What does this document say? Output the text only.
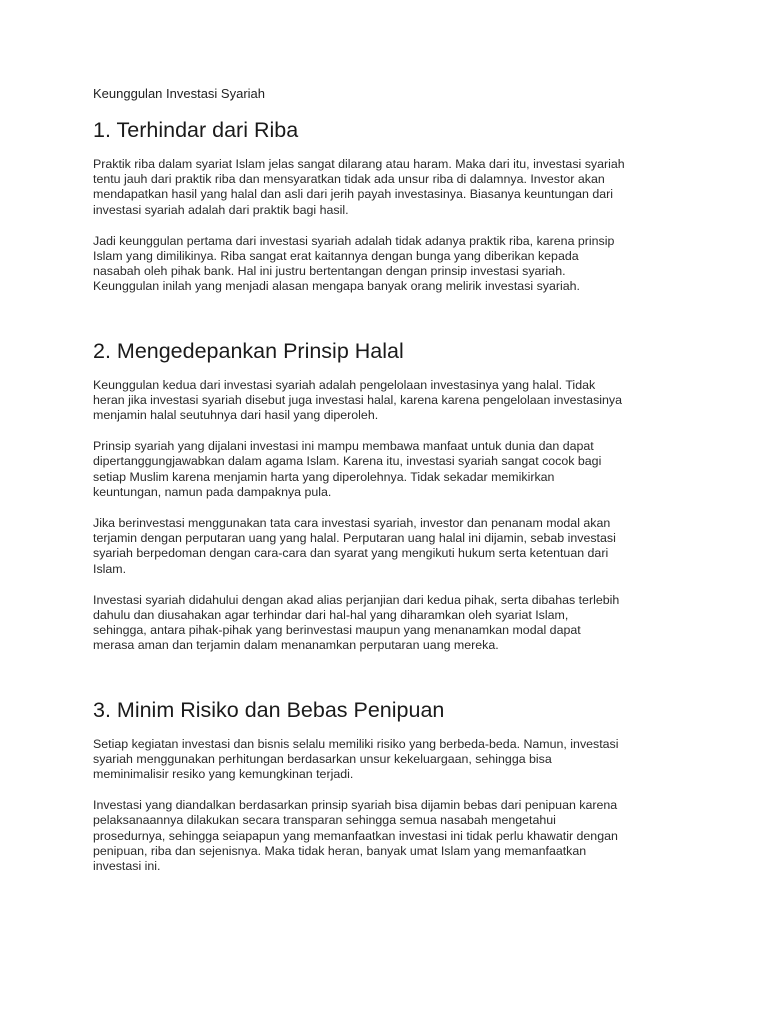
Keunggulan Investasi Syariah

1. Terhindar dari Riba

Praktik riba dalam syariat Islam jelas sangat dilarang atau haram. Maka dari itu, investasi syariah
tentu jauh dari praktik riba dan mensyaratkan tidak ada unsur riba di dalamnya. Investor akan
mendapatkan hasil yang halal dan asli dari jerih payah investasinya. Biasanya keuntungan dari
investasi syariah adalah dari praktik bagi hasil.

Jadi keunggulan pertama dari investasi syariah adalah tidak adanya praktik riba, karena prinsip
Islam yang dimilikinya. Riba sangat erat kaitannya dengan bunga yang diberikan kepada
nasabah oleh pihak bank. Hal ini justru bertentangan dengan prinsip investasi syariah.
Keunggulan inilah yang menjadi alasan mengapa banyak orang melirik investasi syariah.

2. Mengedepankan Prinsip Halal

Keunggulan kedua dari investasi syariah adalah pengelolaan investasinya yang halal. Tidak
heran jika investasi syariah disebut juga investasi halal, karena karena pengelolaan investasinya
menjamin halal seutuhnya dari hasil yang diperoleh.

Prinsip syariah yang dijalani investasi ini mampu membawa manfaat untuk dunia dan dapat
dipertanggungjawabkan dalam agama Islam. Karena itu, investasi syariah sangat cocok bagi
setiap Muslim karena menjamin harta yang diperolehnya. Tidak sekadar memikirkan
keuntungan, namun pada dampaknya pula.

Jika berinvestasi menggunakan tata cara investasi syariah, investor dan penanam modal akan
terjamin dengan perputaran uang yang halal. Perputaran uang halal ini dijamin, sebab investasi
syariah berpedoman dengan cara-cara dan syarat yang mengikuti hukum serta ketentuan dari
Islam.

Investasi syariah didahului dengan akad alias perjanjian dari kedua pihak, serta dibahas terlebih
dahulu dan diusahakan agar terhindar dari hal-hal yang diharamkan oleh syariat Islam,
sehingga, antara pihak-pihak yang berinvestasi maupun yang menanamkan modal dapat
merasa aman dan terjamin dalam menanamkan perputaran uang mereka.

3. Minim Risiko dan Bebas Penipuan

Setiap kegiatan investasi dan bisnis selalu memiliki risiko yang berbeda-beda. Namun, investasi
syariah menggunakan perhitungan berdasarkan unsur kekeluargaan, sehingga bisa
meminimalisir resiko yang kemungkinan terjadi.

Investasi yang diandalkan berdasarkan prinsip syariah bisa dijamin bebas dari penipuan karena
pelaksanaannya dilakukan secara transparan sehingga semua nasabah mengetahui
prosedurnya, sehingga seiapapun yang memanfaatkan investasi ini tidak perlu khawatir dengan
penipuan, riba dan sejenisnya. Maka tidak heran, banyak umat Islam yang memanfaatkan
investasi ini.
